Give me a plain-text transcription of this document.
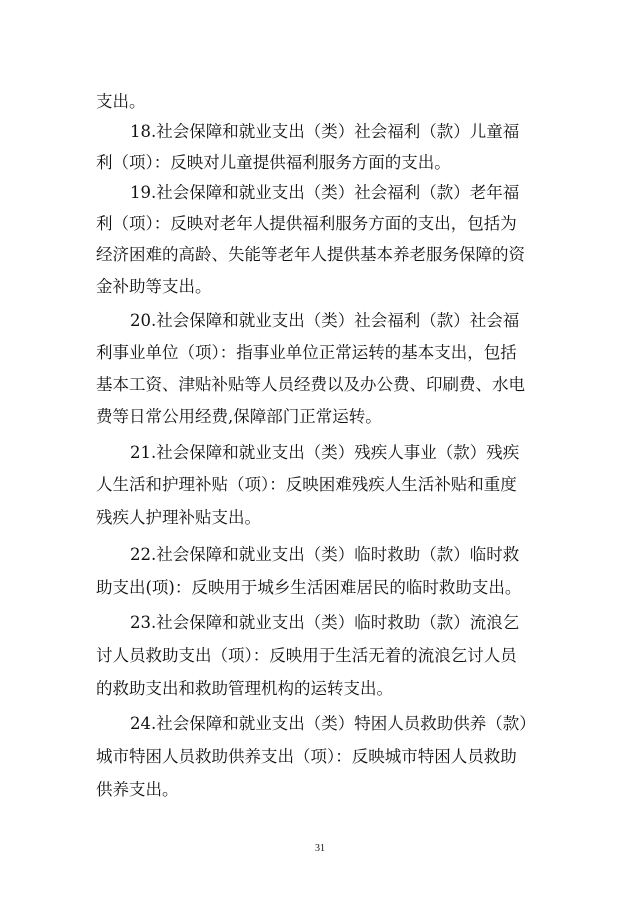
支出。
18.社会保障和就业支出（类）社会福利（款）儿童福
利（项）：反映对儿童提供福利服务方面的支出。
19.社会保障和就业支出（类）社会福利（款）老年福
利（项）：反映对老年人提供福利服务方面的支出，包括为
经济困难的高龄、失能等老年人提供基本养老服务保障的资
金补助等支出。
20.社会保障和就业支出（类）社会福利（款）社会福
利事业单位（项）：指事业单位正常运转的基本支出，包括
基本工资、津贴补贴等人员经费以及办公费、印刷费、水电
费等日常公用经费,保障部门正常运转。
21.社会保障和就业支出（类）残疾人事业（款）残疾
人生活和护理补贴（项）：反映困难残疾人生活补贴和重度
残疾人护理补贴支出。
22.社会保障和就业支出（类）临时救助（款）临时救
助支出(项)：反映用于城乡生活困难居民的临时救助支出。
23.社会保障和就业支出（类）临时救助（款）流浪乞
讨人员救助支出（项）：反映用于生活无着的流浪乞讨人员
的救助支出和救助管理机构的运转支出。
24.社会保障和就业支出（类）特困人员救助供养（款）
城市特困人员救助供养支出（项）：反映城市特困人员救助
供养支出。
31
